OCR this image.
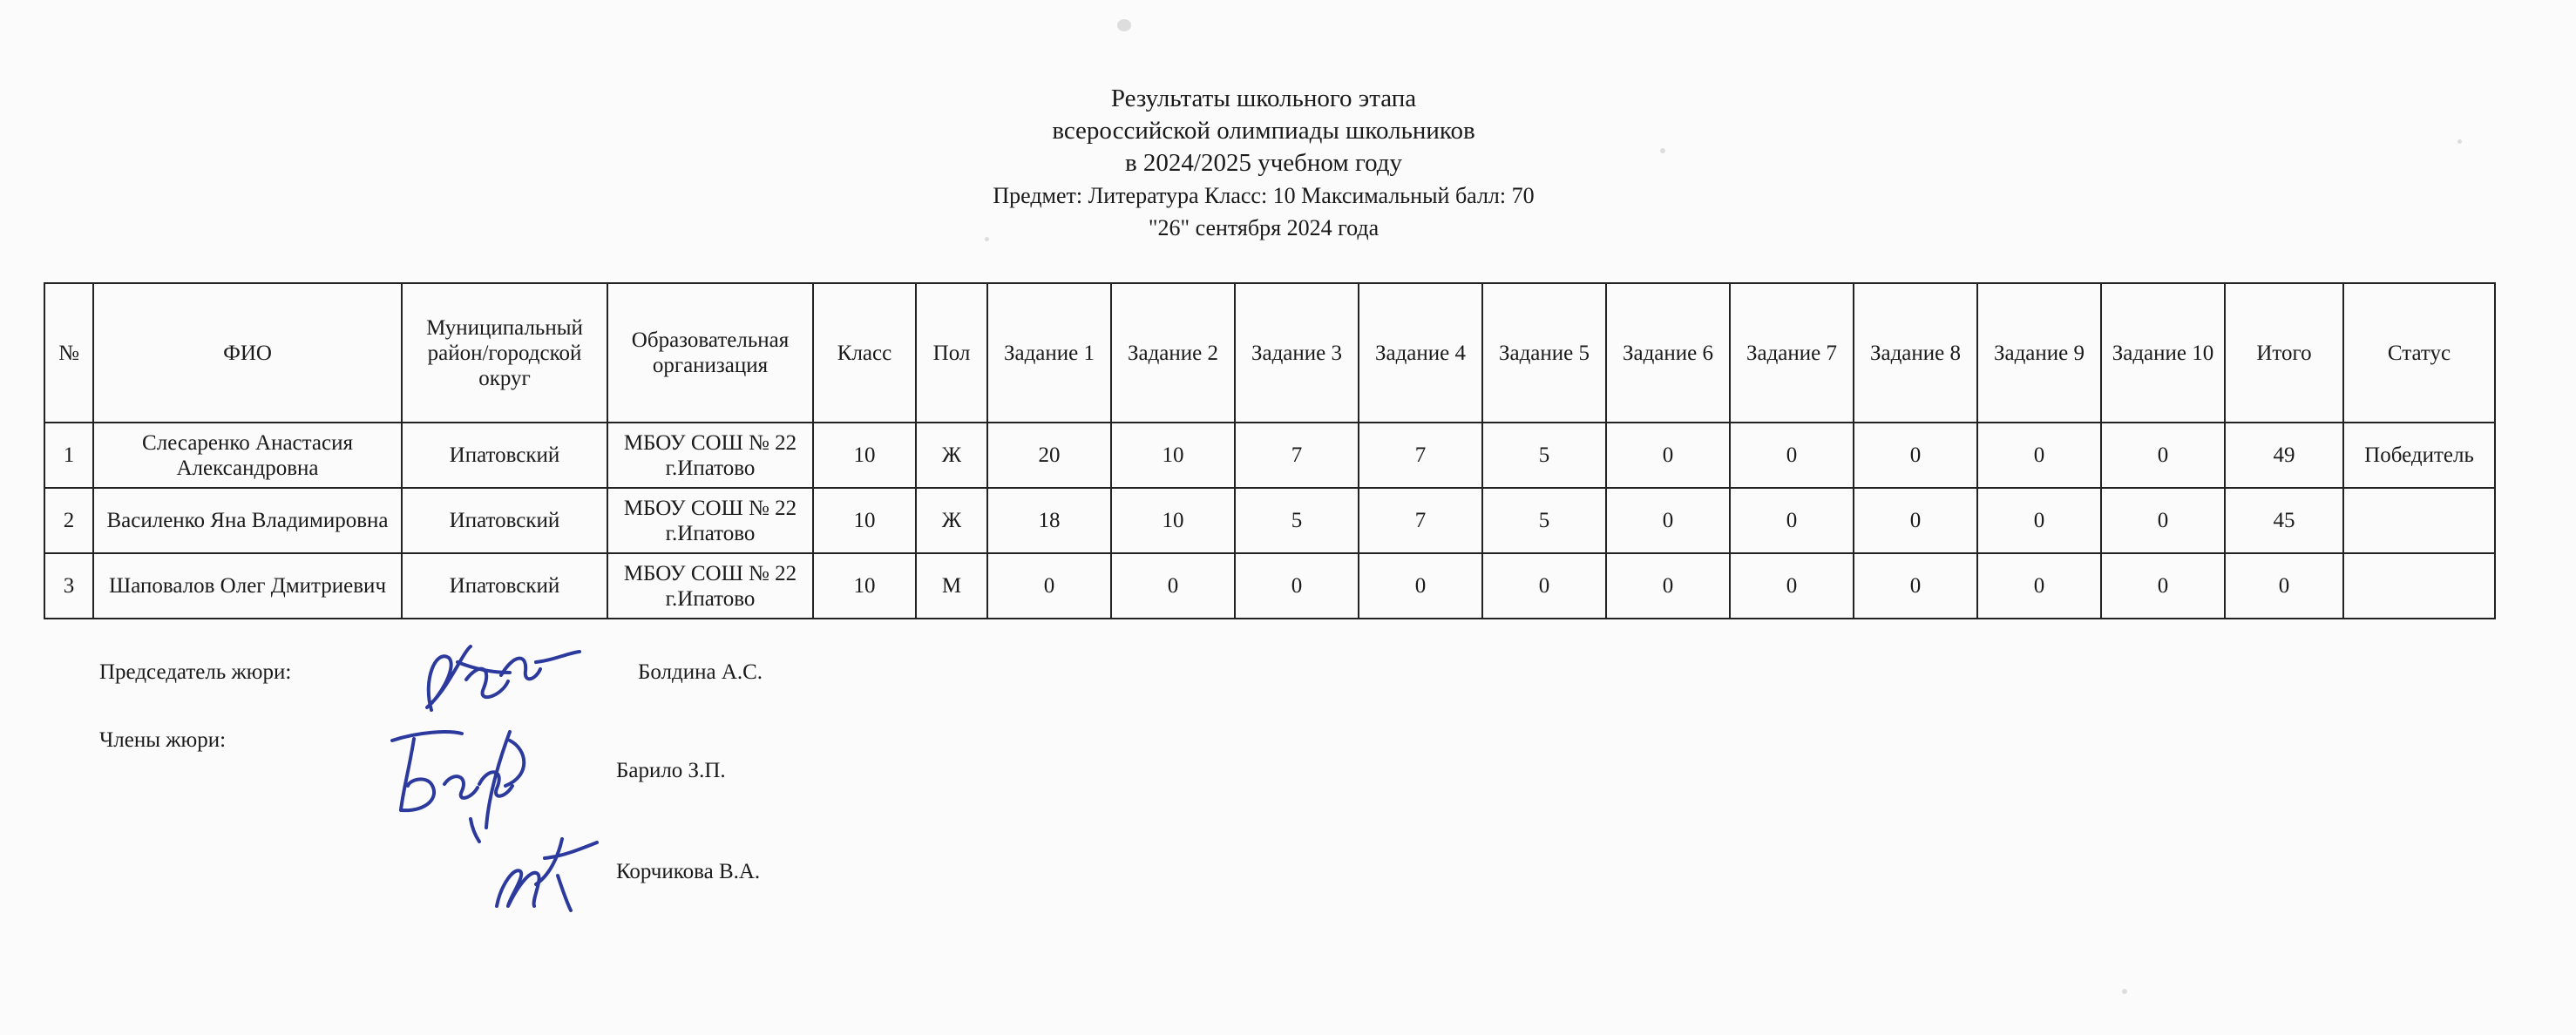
Результаты школьного этапа
всероссийской олимпиады школьников
в 2024/2025 учебном году
Предмет: Литература Класс: 10 Максимальный балл: 70
"26" сентября 2024 года
№	ФИО	Муниципальный район/городской округ	Образовательная организация	Класс	Пол	Задание 1	Задание 2	Задание 3	Задание 4	Задание 5	Задание 6	Задание 7	Задание 8	Задание 9	Задание 10	Итого	Статус
1	Слесаренко Анастасия Александровна	Ипатовский	МБОУ СОШ № 22 г.Ипатово	10	Ж	20	10	7	7	5	0	0	0	0	0	49	Победитель
2	Василенко Яна Владимировна	Ипатовский	МБОУ СОШ № 22 г.Ипатово	10	Ж	18	10	5	7	5	0	0	0	0	0	45	
3	Шаповалов Олег Дмитриевич	Ипатовский	МБОУ СОШ № 22 г.Ипатово	10	М	0	0	0	0	0	0	0	0	0	0	0	
Председатель жюри:	Болдина А.С.
Члены жюри:
Барило З.П.
Корчикова В.А.
